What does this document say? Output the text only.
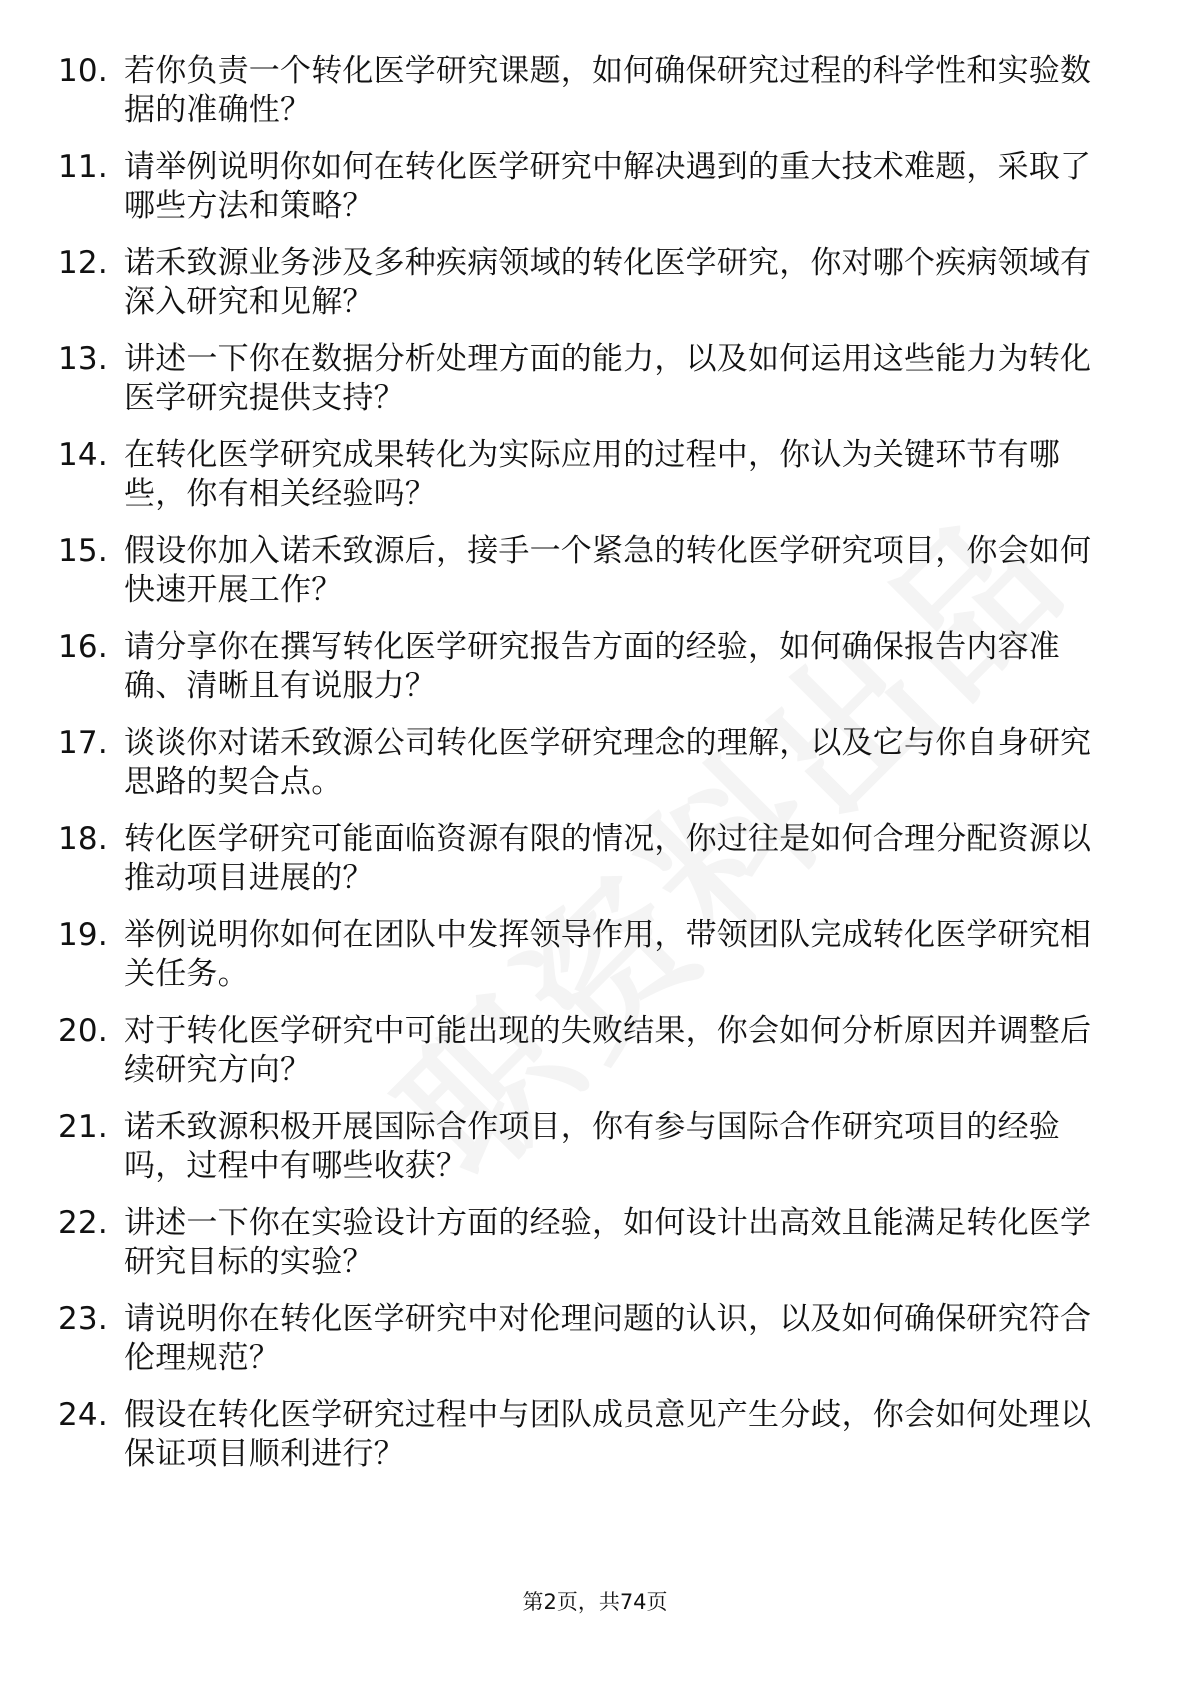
10. 若你负责一个转化医学研究课题，如何确保研究过程的科学性和实验数据的准确性？
11. 请举例说明你如何在转化医学研究中解决遇到的重大技术难题，采取了哪些方法和策略？
12. 诺禾致源业务涉及多种疾病领域的转化医学研究，你对哪个疾病领域有深入研究和见解？
13. 讲述一下你在数据分析处理方面的能力，以及如何运用这些能力为转化医学研究提供支持？
14. 在转化医学研究成果转化为实际应用的过程中，你认为关键环节有哪些，你有相关经验吗？
15. 假设你加入诺禾致源后，接手一个紧急的转化医学研究项目，你会如何快速开展工作？
16. 请分享你在撰写转化医学研究报告方面的经验，如何确保报告内容准确、清晰且有说服力？
17. 谈谈你对诺禾致源公司转化医学研究理念的理解，以及它与你自身研究思路的契合点。
18. 转化医学研究可能面临资源有限的情况，你过往是如何合理分配资源以推动项目进展的？
19. 举例说明你如何在团队中发挥领导作用，带领团队完成转化医学研究相关任务。
20. 对于转化医学研究中可能出现的失败结果，你会如何分析原因并调整后续研究方向？
21. 诺禾致源积极开展国际合作项目，你有参与国际合作研究项目的经验吗，过程中有哪些收获？
22. 讲述一下你在实验设计方面的经验，如何设计出高效且能满足转化医学研究目标的实验？
23. 请说明你在转化医学研究中对伦理问题的认识，以及如何确保研究符合伦理规范？
24. 假设在转化医学研究过程中与团队成员意见产生分歧，你会如何处理以保证项目顺利进行？
第2页，共74页
